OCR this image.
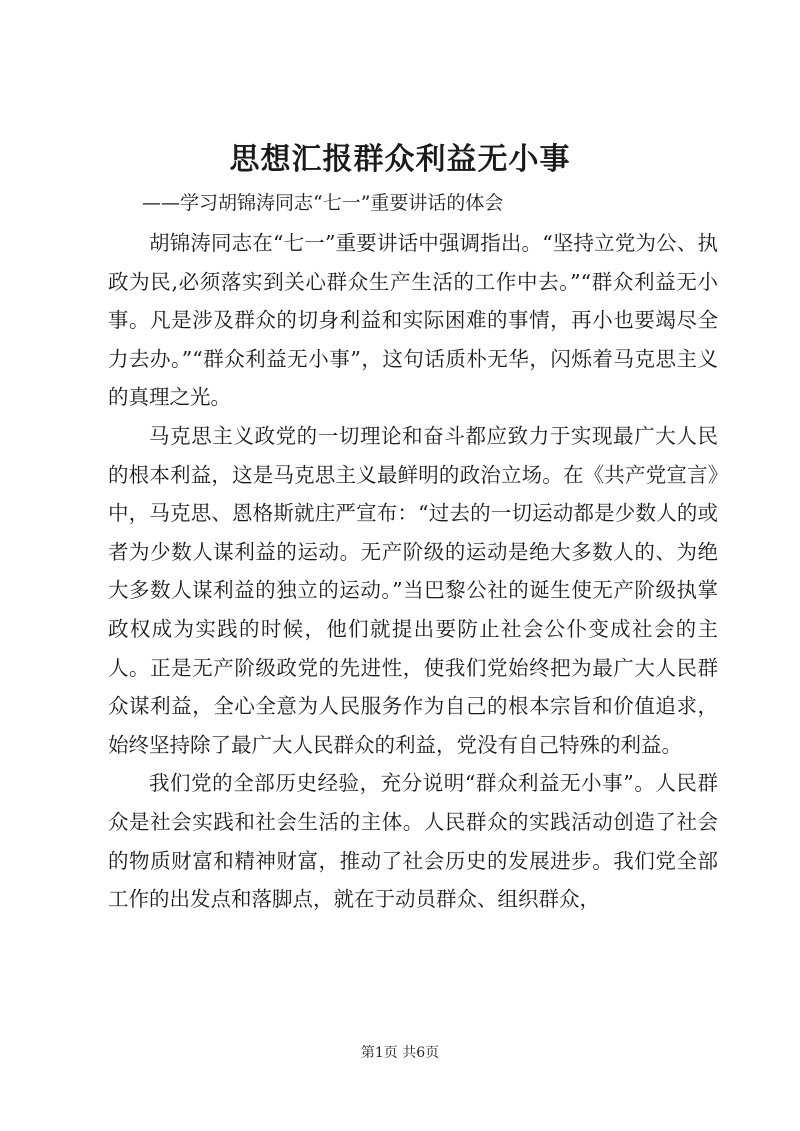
思想汇报群众利益无小事

——学习胡锦涛同志“七一”重要讲话的体会

胡锦涛同志在“七一”重要讲话中强调指出。“坚持立党为公、执政为民,必须落实到关心群众生产生活的工作中去。”“群众利益无小事。凡是涉及群众的切身利益和实际困难的事情，再小也要竭尽全力去办。”“群众利益无小事”，这句话质朴无华，闪烁着马克思主义的真理之光。

马克思主义政党的一切理论和奋斗都应致力于实现最广大人民的根本利益，这是马克思主义最鲜明的政治立场。在《共产党宣言》中，马克思、恩格斯就庄严宣布：“过去的一切运动都是少数人的或者为少数人谋利益的运动。无产阶级的运动是绝大多数人的、为绝大多数人谋利益的独立的运动。”当巴黎公社的诞生使无产阶级执掌政权成为实践的时候，他们就提出要防止社会公仆变成社会的主人。正是无产阶级政党的先进性，使我们党始终把为最广大人民群众谋利益，全心全意为人民服务作为自己的根本宗旨和价值追求，始终坚持除了最广大人民群众的利益，党没有自己特殊的利益。

我们党的全部历史经验，充分说明“群众利益无小事”。人民群众是社会实践和社会生活的主体。人民群众的实践活动创造了社会的物质财富和精神财富，推动了社会历史的发展进步。我们党全部工作的出发点和落脚点，就在于动员群众、组织群众，

第1页 共6页
